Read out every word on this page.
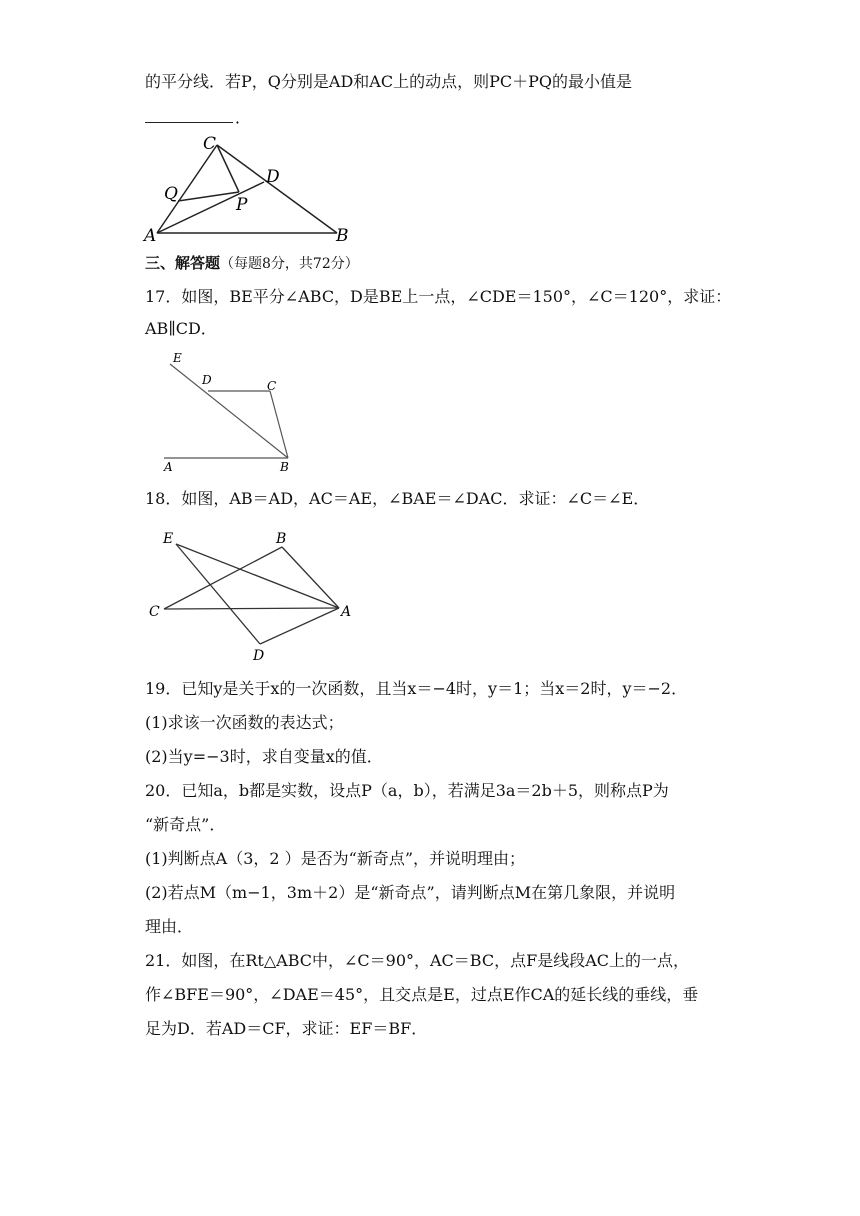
的平分线．若P，Q分别是AD和AC上的动点，则PC＋PQ的最小值是
．
C
D
Q
P
A	B
三、解答题（每题8分，共72分）
17．如图，BE平分∠ABC，D是BE上一点，∠CDE＝150°，∠C＝120°，求证：
AB∥CD．
E
D	C
A	B
18．如图，AB＝AD，AC＝AE，∠BAE＝∠DAC．求证：∠C＝∠E．
E	B
C	A
D
19．已知y是关于x的一次函数，且当x＝−4时，y＝1；当x＝2时，y＝−2．
(1)求该一次函数的表达式；
(2)当y=−3时，求自变量x的值．
20．已知a，b都是实数，设点P（a，b），若满足3a＝2b＋5，则称点P为
“新奇点”．
(1)判断点A（3，2 ）是否为“新奇点”，并说明理由；
(2)若点M（m−1，3m＋2）是“新奇点”，请判断点M在第几象限，并说明
理由．
21．如图，在Rt△ABC中，∠C＝90°，AC＝BC，点F是线段AC上的一点，
作∠BFE＝90°，∠DAE＝45°，且交点是E，过点E作CA的延长线的垂线，垂
足为D．若AD＝CF，求证：EF＝BF．
